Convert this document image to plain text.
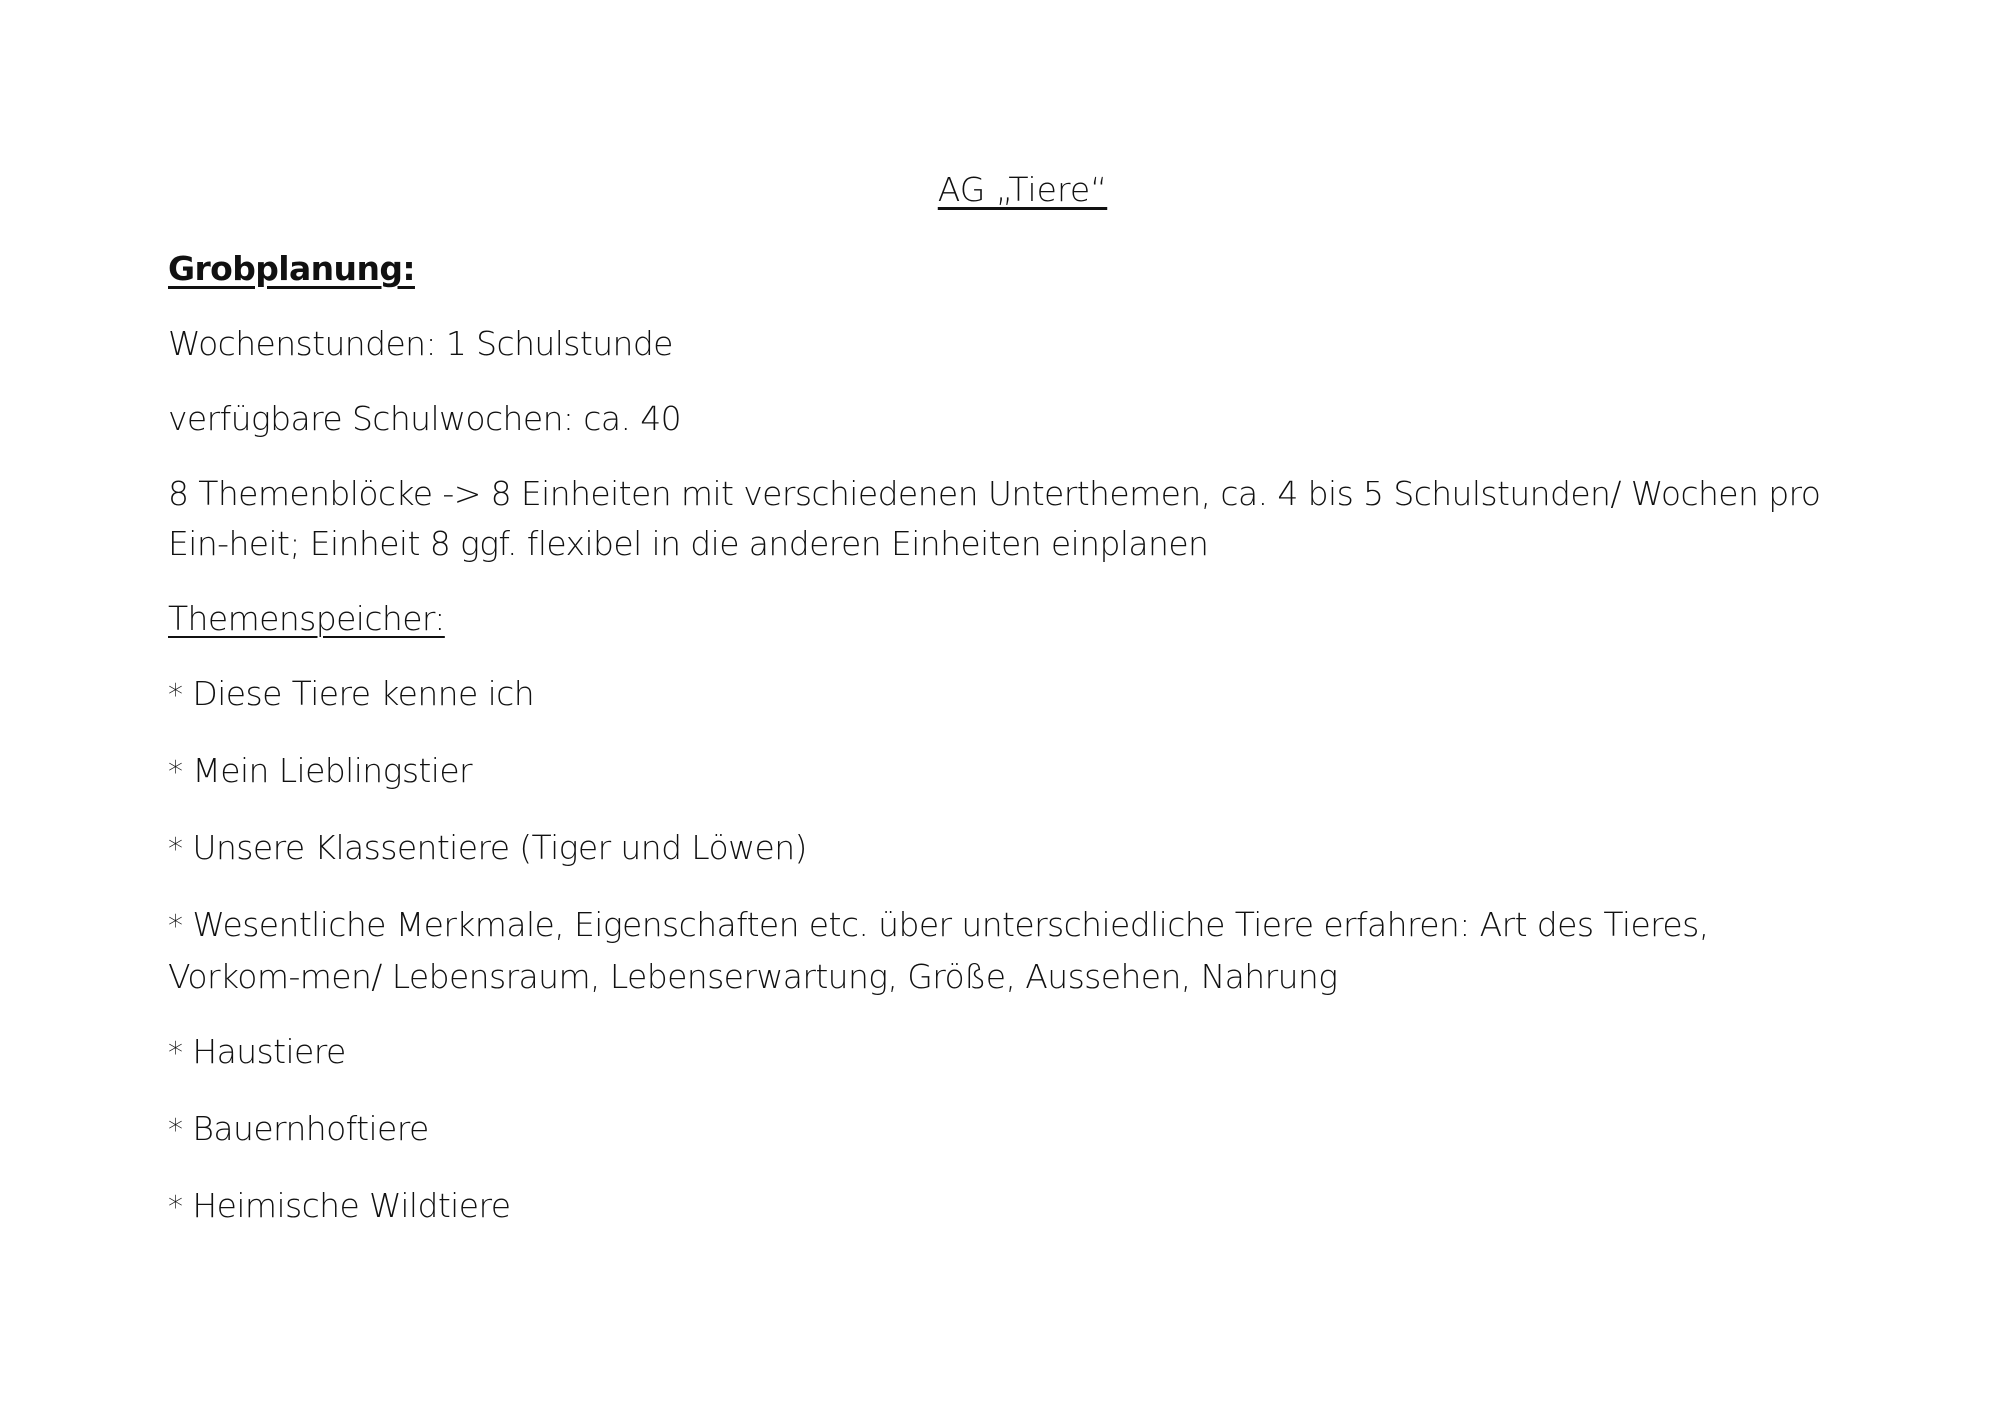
AG „Tiere“
Grobplanung:
Wochenstunden: 1 Schulstunde
verfügbare Schulwochen: ca. 40
8 Themenblöcke -> 8 Einheiten mit verschiedenen Unterthemen, ca. 4 bis 5 Schulstunden/ Wochen pro Ein-heit; Einheit 8 ggf. flexibel in die anderen Einheiten einplanen
Themenspeicher:
* Diese Tiere kenne ich
* Mein Lieblingstier
* Unsere Klassentiere (Tiger und Löwen)
* Wesentliche Merkmale, Eigenschaften etc. über unterschiedliche Tiere erfahren: Art des Tieres, Vorkom-men/ Lebensraum, Lebenserwartung, Größe, Aussehen, Nahrung
* Haustiere
* Bauernhoftiere
* Heimische Wildtiere
